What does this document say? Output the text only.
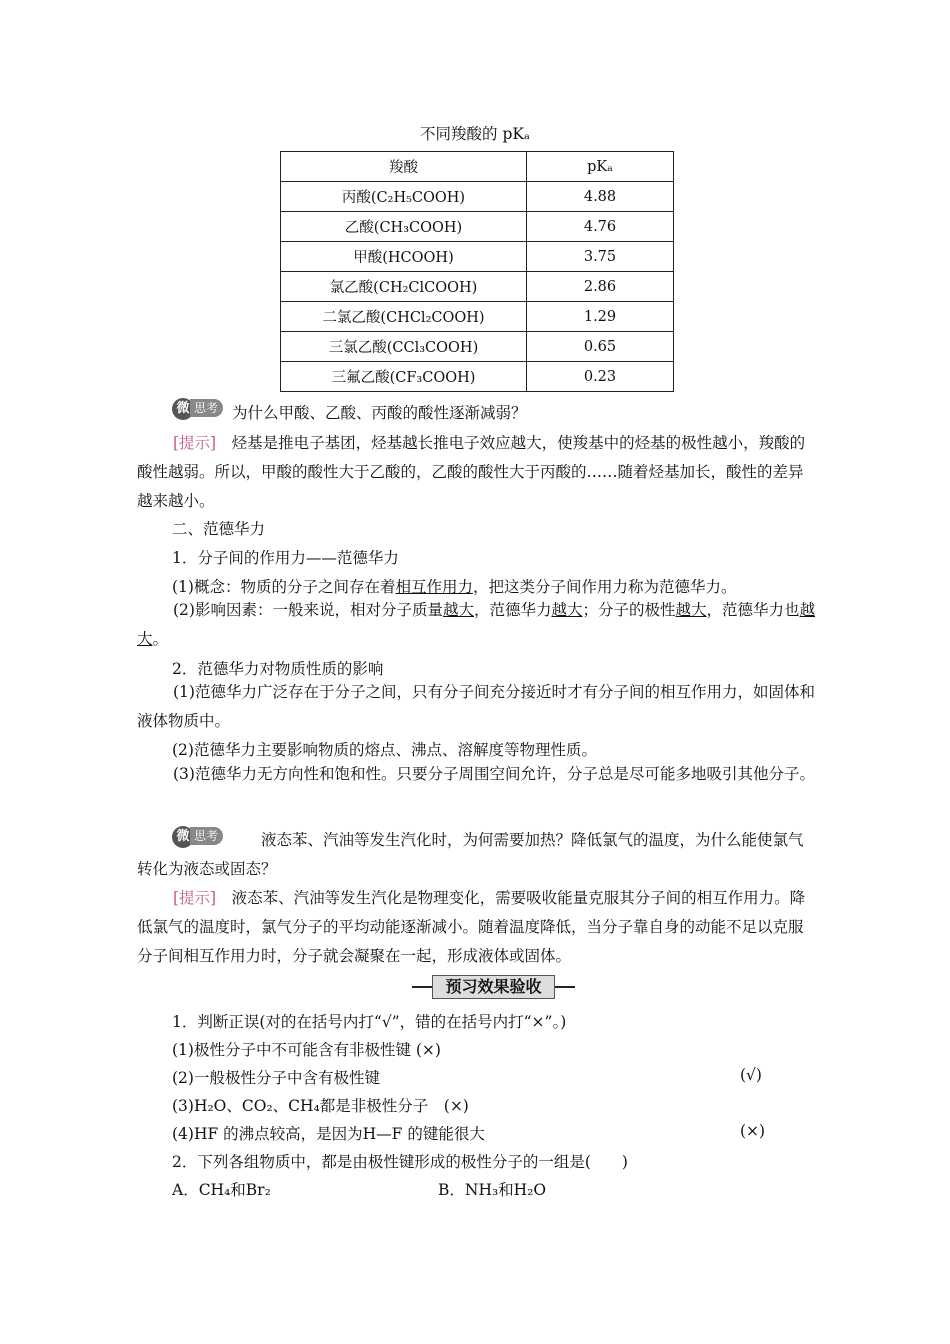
不同羧酸的 pKₐ
羧酸	pKₐ
丙酸(C₂H₅COOH)	4.88
乙酸(CH₃COOH)	4.76
甲酸(HCOOH)	3.75
氯乙酸(CH₂ClCOOH)	2.86
二氯乙酸(CHCl₂COOH)	1.29
三氯乙酸(CCl₃COOH)	0.65
三氟乙酸(CF₃COOH)	0.23
微 思考 为什么甲酸、乙酸、丙酸的酸性逐渐减弱？
[提示]　 烃基是推电子基团，烃基越长推电子效应越大，使羧基中的烃基的极性越小，羧酸的酸性越弱。所以，甲酸的酸性大于乙酸的，乙酸的酸性大于丙酸的……随着烃基加长，酸性的差异越来越小。
二、范德华力
1．分子间的作用力——范德华力
(1)概念：物质的分子之间存在着相互作用力，把这类分子间作用力称为范德华力。
(2)影响因素：一般来说，相对分子质量越大，范德华力越大；分子的极性越大，范德华力也越大。
2．范德华力对物质性质的影响
(1)范德华力广泛存在于分子之间，只有分子间充分接近时才有分子间的相互作用力，如固体和液体物质中。
(2)范德华力主要影响物质的熔点、沸点、溶解度等物理性质。
(3)范德华力无方向性和饱和性。只要分子周围空间允许，分子总是尽可能多地吸引其他分子。
微 思考	液态苯、汽油等发生汽化时，为何需要加热？降低氯气的温度，为什么能使氯气转化为液态或固态？
[提示]　 液态苯、汽油等发生汽化是物理变化，需要吸收能量克服其分子间的相互作用力。降低氯气的温度时，氯气分子的平均动能逐渐减小。随着温度降低，当分子靠自身的动能不足以克服分子间相互作用力时，分子就会凝聚在一起，形成液体或固体。
预习效果验收
1．判断正误(对的在括号内打“√”，错的在括号内打“×”。)
(1)极性分子中不可能含有非极性键 (×)
(2)一般极性分子中含有极性键	(√)
(3)H₂O、CO₂、CH₄都是非极性分子　(×)
(4)HF 的沸点较高，是因为H—F 的键能很大	(×)
2．下列各组物质中，都是由极性键形成的极性分子的一组是(　　)
A．CH₄和Br₂	B．NH₃和H₂O
